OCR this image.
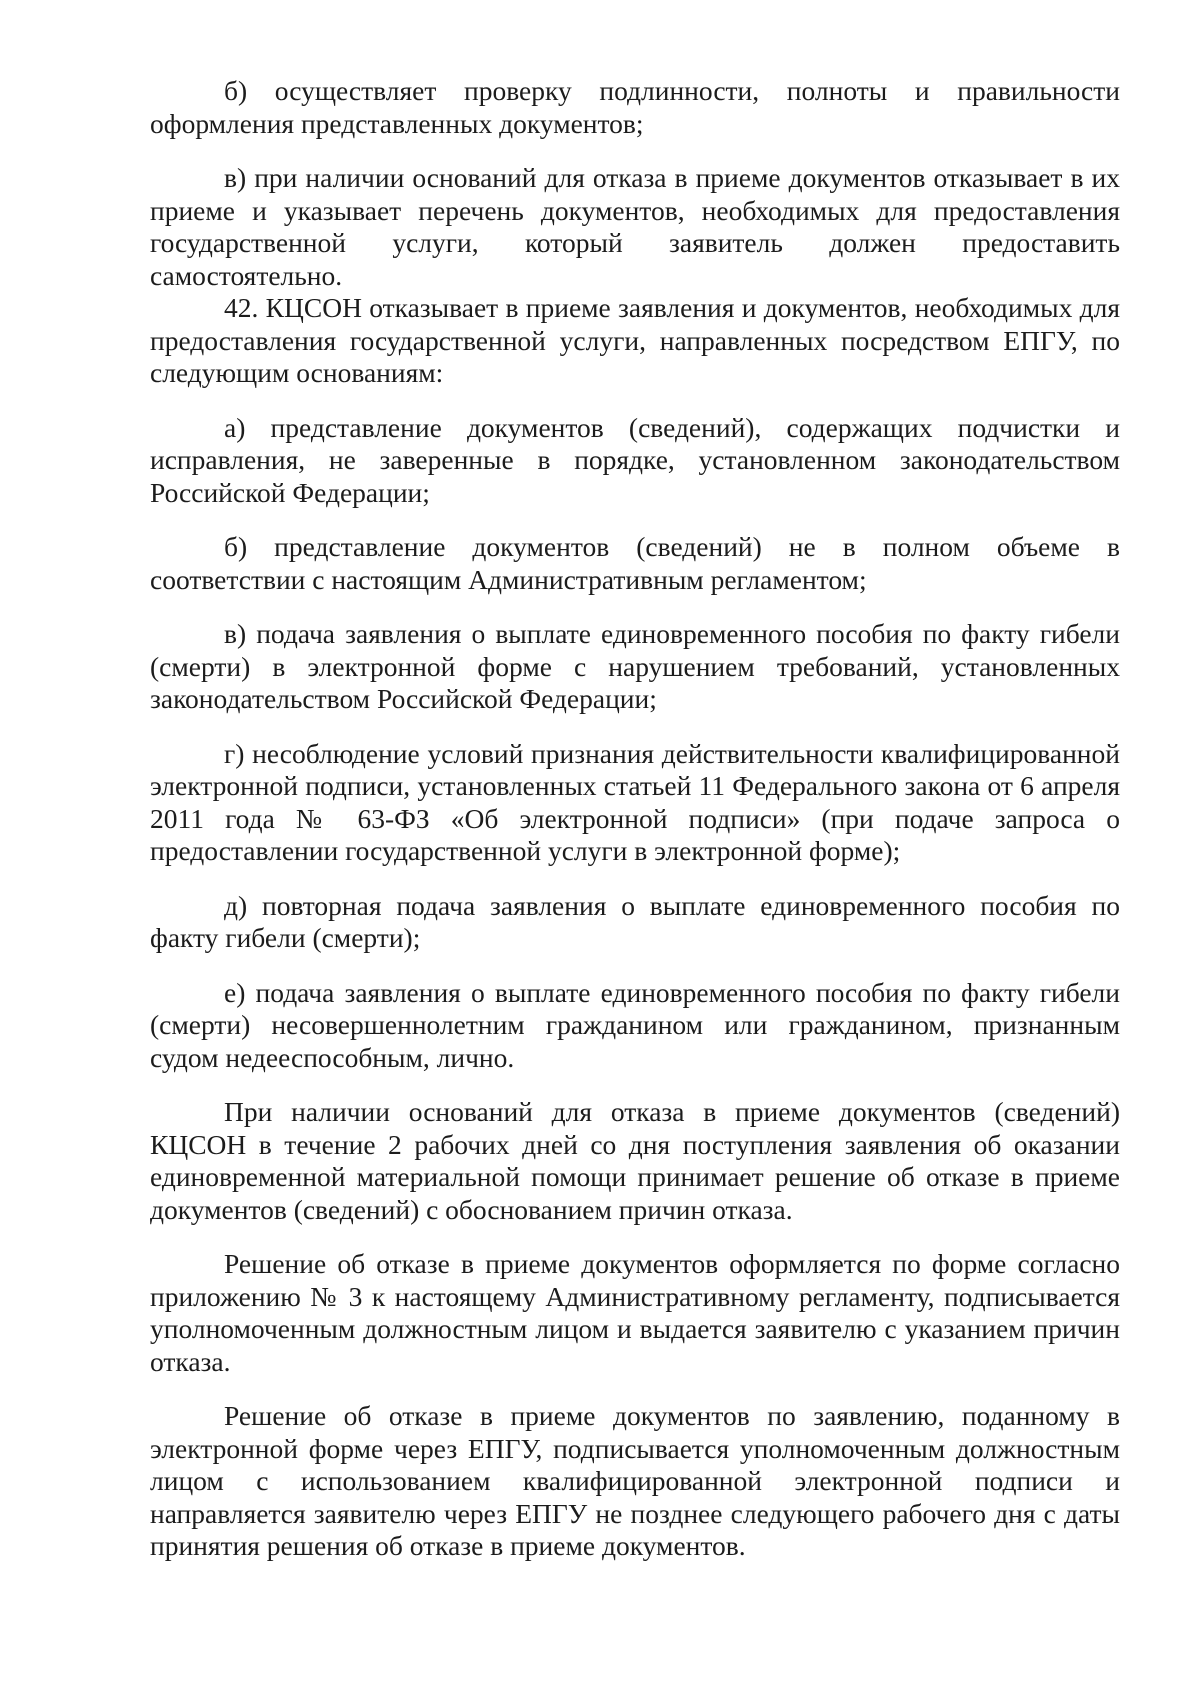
б) осуществляет проверку подлинности, полноты и правильности оформления представленных документов;

в) при наличии оснований для отказа в приеме документов отказывает в их приеме и указывает перечень документов, необходимых для предоставления государственной услуги, который заявитель должен предоставить самостоятельно.

42. КЦСОН отказывает в приеме заявления и документов, необходимых для предоставления государственной услуги, направленных посредством ЕПГУ, по следующим основаниям:

а) представление документов (сведений), содержащих подчистки и исправления, не заверенные в порядке, установленном законодательством Российской Федерации;

б) представление документов (сведений) не в полном объеме в соответствии с настоящим Административным регламентом;

в) подача заявления о выплате единовременного пособия по факту гибели (смерти) в электронной форме с нарушением требований, установленных законодательством Российской Федерации;

г) несоблюдение условий признания действительности квалифицированной электронной подписи, установленных статьей 11 Федерального закона от 6 апреля 2011 года № 63-ФЗ «Об электронной подписи» (при подаче запроса о предоставлении государственной услуги в электронной форме);

д) повторная подача заявления о выплате единовременного пособия по факту гибели (смерти);

е) подача заявления о выплате единовременного пособия по факту гибели (смерти) несовершеннолетним гражданином или гражданином, признанным судом недееспособным, лично.

При наличии оснований для отказа в приеме документов (сведений) КЦСОН в течение 2 рабочих дней со дня поступления заявления об оказании единовременной материальной помощи принимает решение об отказе в приеме документов (сведений) с обоснованием причин отказа.

Решение об отказе в приеме документов оформляется по форме согласно приложению № 3 к настоящему Административному регламенту, подписывается уполномоченным должностным лицом и выдается заявителю с указанием причин отказа.

Решение об отказе в приеме документов по заявлению, поданному в электронной форме через ЕПГУ, подписывается уполномоченным должностным лицом с использованием квалифицированной электронной подписи и направляется заявителю через ЕПГУ не позднее следующего рабочего дня с даты принятия решения об отказе в приеме документов.
